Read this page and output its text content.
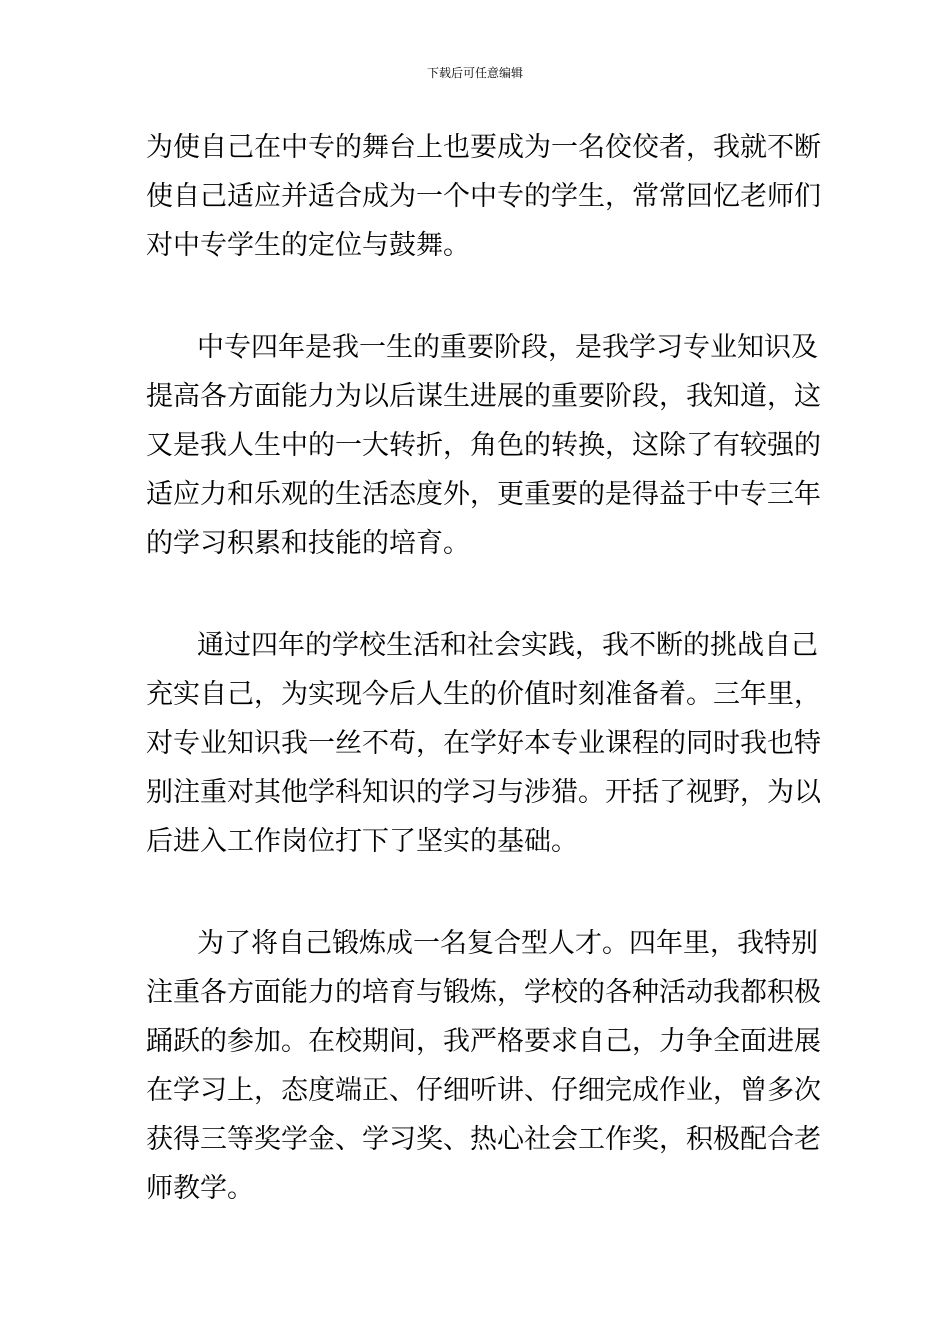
下载后可任意编辑
为使自己在中专的舞台上也要成为一名佼佼者，我就不断
使自己适应并适合成为一个中专的学生，常常回忆老师们
对中专学生的定位与鼓舞。
中专四年是我一生的重要阶段，是我学习专业知识及
提高各方面能力为以后谋生进展的重要阶段，我知道，这
又是我人生中的一大转折，角色的转换，这除了有较强的
适应力和乐观的生活态度外，更重要的是得益于中专三年
的学习积累和技能的培育。
通过四年的学校生活和社会实践，我不断的挑战自己
充实自己，为实现今后人生的价值时刻准备着。三年里，
对专业知识我一丝不苟，在学好本专业课程的同时我也特
别注重对其他学科知识的学习与涉猎。开括了视野，为以
后进入工作岗位打下了坚实的基础。
为了将自己锻炼成一名复合型人才。四年里，我特别
注重各方面能力的培育与锻炼，学校的各种活动我都积极
踊跃的参加。在校期间，我严格要求自己，力争全面进展
在学习上，态度端正、仔细听讲、仔细完成作业，曾多次
获得三等奖学金、学习奖、热心社会工作奖，积极配合老
师教学。
